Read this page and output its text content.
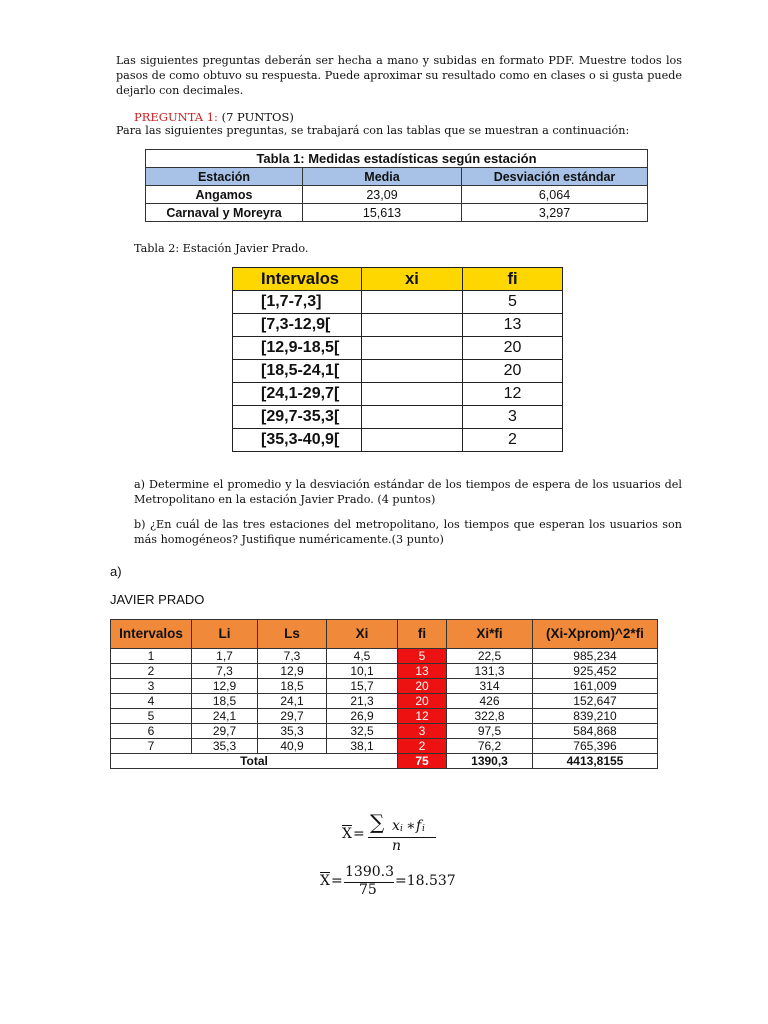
Las siguientes preguntas deberán ser hecha a mano y subidas en formato PDF. Muestre todos los pasos de como obtuvo su respuesta. Puede aproximar su resultado como en clases o si gusta puede dejarlo con decimales.
PREGUNTA 1: (7 PUNTOS)
Para las siguientes preguntas, se trabajará con las tablas que se muestran a continuación:
Tabla 1: Medidas estadísticas según estación		
Estación	Media	Desviación estándar
Angamos	23,09	6,064
Carnaval y Moreyra	15,613	3,297
Tabla 2: Estación Javier Prado.
Intervalos	xi	fi
[1,7-7,3]		5
[7,3-12,9[		13
[12,9-18,5[		20
[18,5-24,1[		20
[24,1-29,7[		12
[29,7-35,3[		3
[35,3-40,9[		2
a) Determine el promedio y la desviación estándar de los tiempos de espera de los usuarios del Metropolitano en la estación Javier Prado. (4 puntos)
b) ¿En cuál de las tres estaciones del metropolitano, los tiempos que esperan los usuarios son más homogéneos? Justifique numéricamente.(3 punto)
a)
JAVIER PRADO
Intervalos	Li	Ls	Xi	fi	Xi*fi	(Xi-Xprom)^2*fi
1	1,7	7,3	4,5	5	22,5	985,234
2	7,3	12,9	10,1	13	131,3	925,452
3	12,9	18,5	15,7	20	314	161,009
4	18,5	24,1	21,3	20	426	152,647
5	24,1	29,7	26,9	12	322,8	839,210
6	29,7	35,3	32,5	3	97,5	584,868
7	35,3	40,9	38,1	2	76,2	765,396
Total				75	1390,3	4413,8155
$\overline{X}$ = ∑ x i ∗ f i
n
$\overline{X}$ =
1390.3
75
=18.537
